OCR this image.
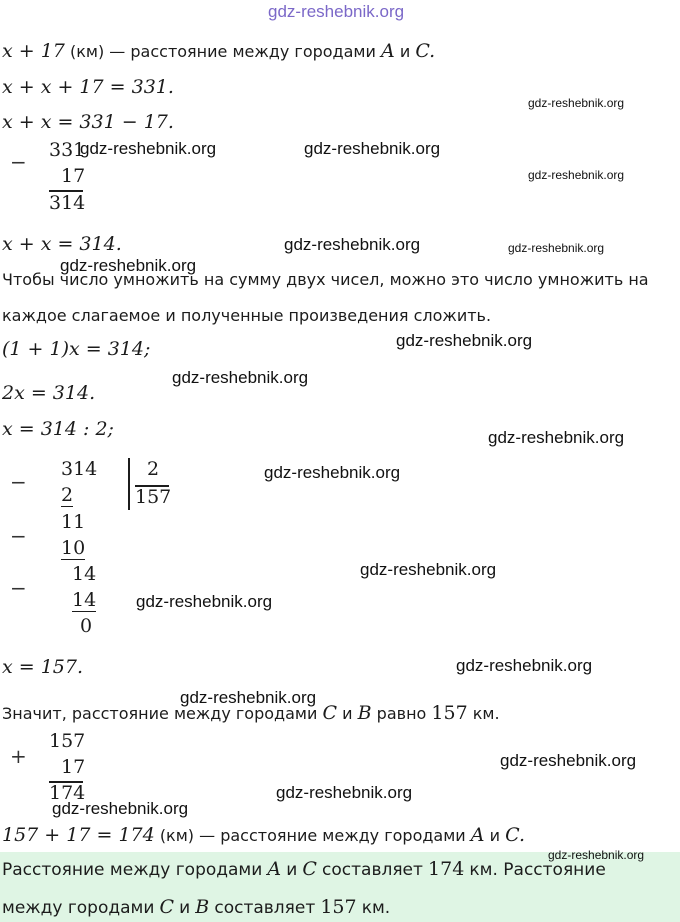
gdz-reshebnik.org
x + 17 (км) — расстояние между городами A и C.
x + x + 17 = 331.
gdz-reshebnik.org
x + x = 331 − 17.
− 331
17
314
gdz-reshebnik.org	gdz-reshebnik.org
gdz-reshebnik.org
x + x = 314.	gdz-reshebnik.org	gdz-reshebnik.org
gdz-reshebnik.org
Чтобы число умножить на сумму двух чисел, можно это число умножить на
каждое слагаемое и полученные произведения сложить.
(1 + 1)x = 314;	gdz-reshebnik.org
gdz-reshebnik.org
2x = 314.
x = 314 : 2;	gdz-reshebnik.org
−
314	2
157
2
gdz-reshebnik.org
−
11
10
−
14
14
0
gdz-reshebnik.org
gdz-reshebnik.org
x = 157.	gdz-reshebnik.org
gdz-reshebnik.org
Значит, расстояние между городами C и B равно 157 км.
+
157
17
174
gdz-reshebnik.org
gdz-reshebnik.org
gdz-reshebnik.org
157 + 17 = 174 (км) — расстояние между городами A и C.
Расстояние между городами A и C составляет 174 км. Расстояние
между городами C и B составляет 157 км.
gdz-reshebnik.org
